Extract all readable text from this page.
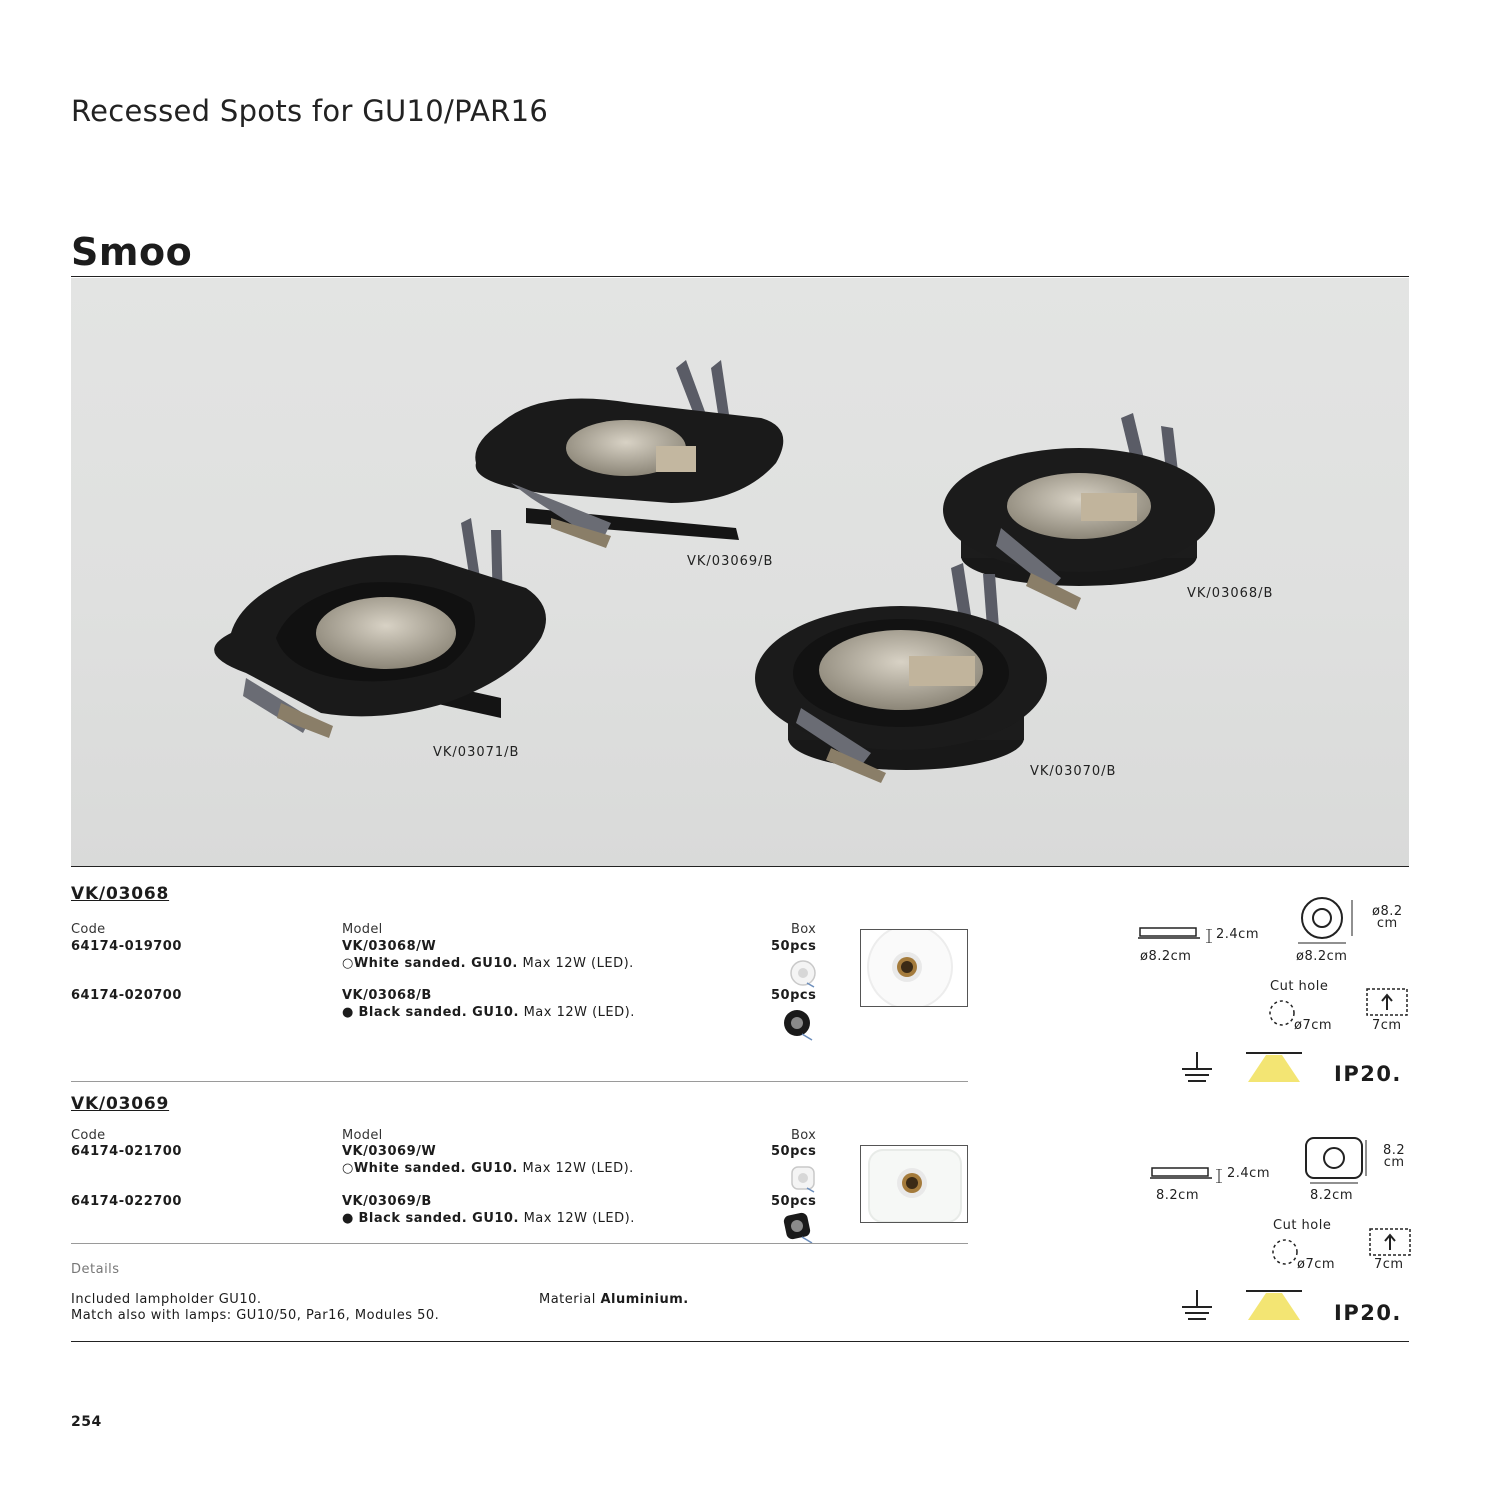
Recessed Spots for GU10/PAR16
Smoo
VK/03069/B
VK/03068/B
VK/03071/B
VK/03070/B
VK/03068
Code	Model	Box
64174-019700	VK/03068/W
○White sanded. GU10. Max 12W (LED).
50pcs
64174-020700	VK/03068/B
● Black sanded. GU10. Max 12W (LED).
50pcs
2.4cm
ø8.2cm	ø8.2cm
ø8.2
cm
Cut hole
ø7cm	7cm
IP20.
VK/03069
Code	Model	Box
64174-021700	VK/03069/W
○White sanded. GU10. Max 12W (LED).
50pcs
64174-022700	VK/03069/B
● Black sanded. GU10. Max 12W (LED).
50pcs
2.4cm
8.2cm	8.2cm
8.2
cm
Cut hole
ø7cm	7cm
IP20.
Details
Included lampholder GU10.
Match also with lamps: GU10/50, Par16, Modules 50.
Material Aluminium.
254
